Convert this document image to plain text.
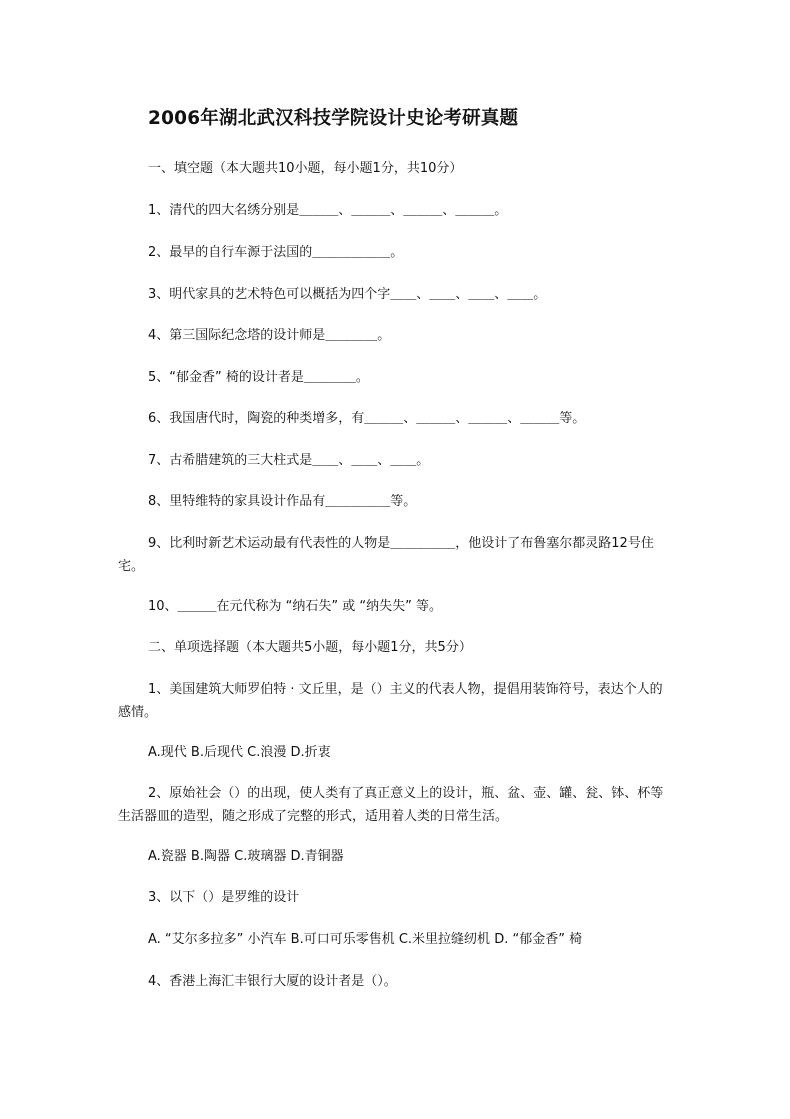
2006年湖北武汉科技学院设计史论考研真题
一、填空题（本大题共10小题，每小题1分，共10分）
1、清代的四大名绣分别是＿＿＿、＿＿＿、＿＿＿、＿＿＿。
2、最早的自行车源于法国的＿＿＿＿＿＿。
3、明代家具的艺术特色可以概括为四个字＿＿、＿＿、＿＿、＿＿。
4、第三国际纪念塔的设计师是＿＿＿＿。
5、“郁金香” 椅的设计者是＿＿＿＿。
6、我国唐代时，陶瓷的种类增多，有＿＿＿、＿＿＿、＿＿＿、＿＿＿等。
7、古希腊建筑的三大柱式是＿＿、＿＿、＿＿。
8、里特维特的家具设计作品有＿＿＿＿＿等。
9、比利时新艺术运动最有代表性的人物是＿＿＿＿＿，他设计了布鲁塞尔都灵路12号住宅。
10、＿＿＿在元代称为 “纳石失” 或 “纳失失” 等。
二、单项选择题（本大题共5小题，每小题1分，共5分）
1、美国建筑大师罗伯特 · 文丘里，是（）主义的代表人物，提倡用装饰符号，表达个人的感情。
A.现代 B.后现代 C.浪漫 D.折衷
2、原始社会（）的出现，使人类有了真正意义上的设计，瓶、盆、壶、罐、瓮、钵、杯等生活器皿的造型，随之形成了完整的形式，适用着人类的日常生活。
A.瓷器 B.陶器 C.玻璃器 D.青铜器
3、以下（）是罗维的设计
A. “艾尔多拉多” 小汽车 B.可口可乐零售机 C.米里拉缝纫机 D. “郁金香” 椅
4、香港上海汇丰银行大厦的设计者是（）。
